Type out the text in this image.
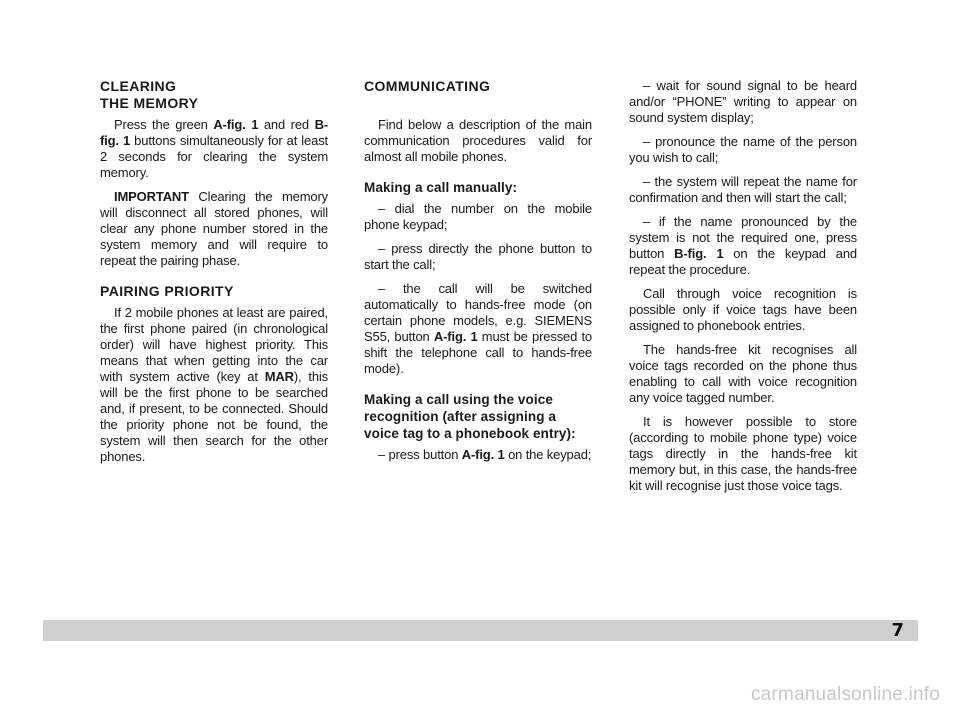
CLEARING
THE MEMORY

Press the green A-fig. 1 and red B-fig. 1 buttons simultaneously for at least 2 seconds for clearing the system memory.

IMPORTANT Clearing the memory will disconnect all stored phones, will clear any phone number stored in the system memory and will require to repeat the pairing phase.

PAIRING PRIORITY

If 2 mobile phones at least are paired, the first phone paired (in chronological order) will have highest priority. This means that when getting into the car with system active (key at MAR), this will be the first phone to be searched and, if present, to be connected. Should the priority phone not be found, the system will then search for the other phones.

COMMUNICATING

Find below a description of the main communication procedures valid for almost all mobile phones.

Making a call manually:

– dial the number on the mobile phone keypad;

– press directly the phone button to start the call;

– the call will be switched automatically to hands-free mode (on certain phone models, e.g. SIEMENS S55, button A-fig. 1 must be pressed to shift the telephone call to hands-free mode).

Making a call using the voice recognition (after assigning a voice tag to a phonebook entry):

– press button A-fig. 1 on the keypad;

– wait for sound signal to be heard and/or “PHONE” writing to appear on sound system display;

– pronounce the name of the person you wish to call;

– the system will repeat the name for confirmation and then will start the call;

– if the name pronounced by the system is not the required one, press button B-fig. 1 on the keypad and repeat the procedure.

Call through voice recognition is possible only if voice tags have been assigned to phonebook entries.

The hands-free kit recognises all voice tags recorded on the phone thus enabling to call with voice recognition any voice tagged number.

It is however possible to store (according to mobile phone type) voice tags directly in the hands-free kit memory but, in this case, the hands-free kit will recognise just those voice tags.

7
carmanualsonline.info
